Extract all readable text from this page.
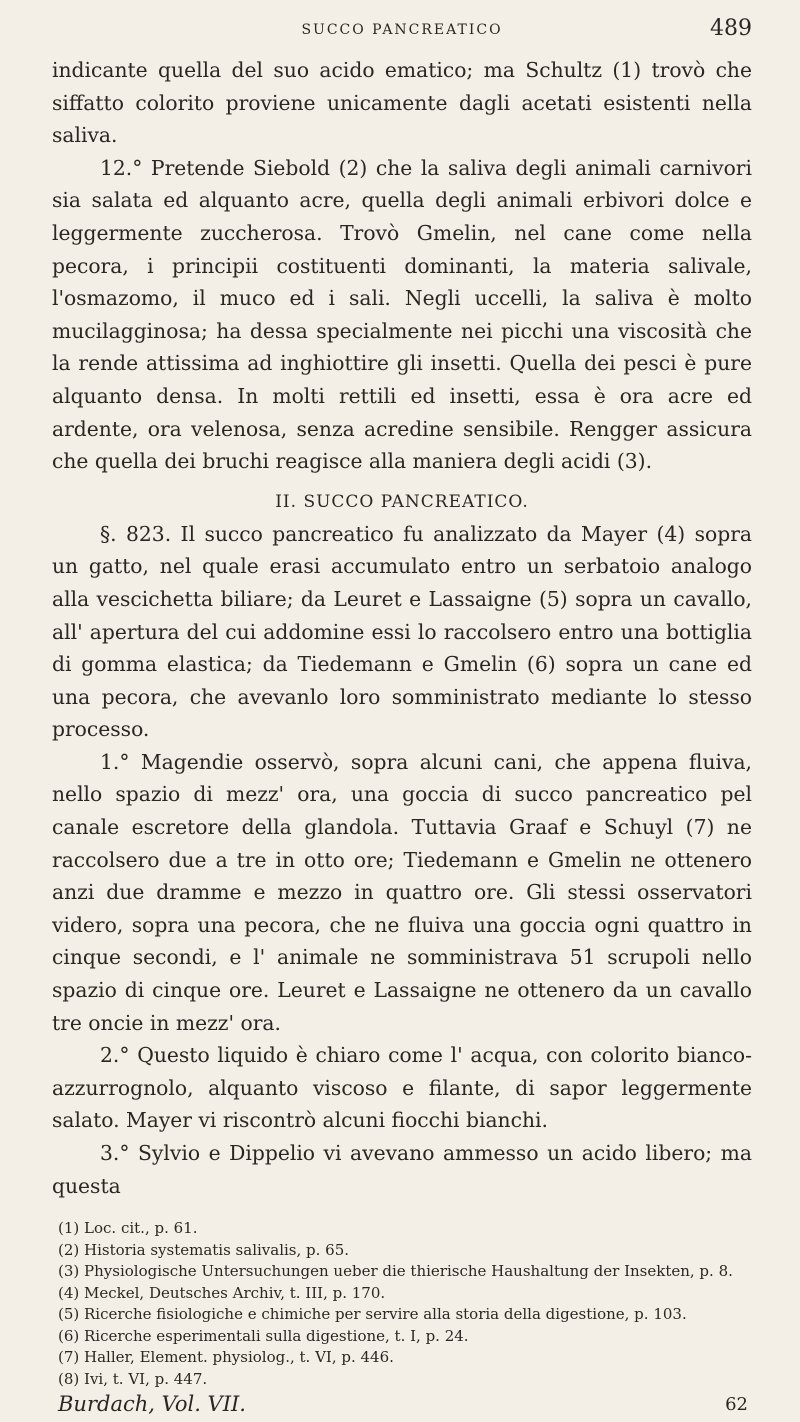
SUCCO PANCREATICO	489

indicante quella del suo acido ematico; ma Schultz (1) trovò che siffatto colorito proviene unicamente dagli acetati esistenti nella saliva.

12.° Pretende Siebold (2) che la saliva degli animali carnivori sia salata ed alquanto acre, quella degli animali erbivori dolce e leggermente zuccherosa. Trovò Gmelin, nel cane come nella pecora, i principii costituenti dominanti, la materia salivale, l'osmazomo, il muco ed i sali. Negli uccelli, la saliva è molto mucilagginosa; ha dessa specialmente nei picchi una viscosità che la rende attissima ad inghiottire gli insetti. Quella dei pesci è pure alquanto densa. In molti rettili ed insetti, essa è ora acre ed ardente, ora velenosa, senza acredine sensibile. Rengger assicura che quella dei bruchi reagisce alla maniera degli acidi (3).

II. SUCCO PANCREATICO.

§. 823. Il succo pancreatico fu analizzato da Mayer (4) sopra un gatto, nel quale erasi accumulato entro un serbatoio analogo alla vescichetta biliare; da Leuret e Lassaigne (5) sopra un cavallo, all' apertura del cui addomine essi lo raccolsero entro una bottiglia di gomma elastica; da Tiedemann e Gmelin (6) sopra un cane ed una pecora, che avevanlo loro somministrato mediante lo stesso processo.

1.° Magendie osservò, sopra alcuni cani, che appena fluiva, nello spazio di mezz' ora, una goccia di succo pancreatico pel canale escretore della glandola. Tuttavia Graaf e Schuyl (7) ne raccolsero due a tre in otto ore; Tiedemann e Gmelin ne ottenero anzi due dramme e mezzo in quattro ore. Gli stessi osservatori videro, sopra una pecora, che ne fluiva una goccia ogni quattro in cinque secondi, e l' animale ne somministrava 51 scrupoli nello spazio di cinque ore. Leuret e Lassaigne ne ottenero da un cavallo tre oncie in mezz' ora.

2.° Questo liquido è chiaro come l' acqua, con colorito bianco-azzurrognolo, alquanto viscoso e filante, di sapor leggermente salato. Mayer vi riscontrò alcuni fiocchi bianchi.

3.° Sylvio e Dippelio vi avevano ammesso un acido libero; ma questa

(1) Loc. cit., p. 61.

(2) Historia systematis salivalis, p. 65.

(3) Physiologische Untersuchungen ueber die thierische Haushaltung der Insekten, p. 8.

(4) Meckel, Deutsches Archiv, t. III, p. 170.

(5) Ricerche fisiologiche e chimiche per servire alla storia della digestione, p. 103.

(6) Ricerche esperimentali sulla digestione, t. I, p. 24.

(7) Haller, Element. physiolog., t. VI, p. 446.

(8) Ivi, t. VI, p. 447.

Burdach, Vol. VII.	62
